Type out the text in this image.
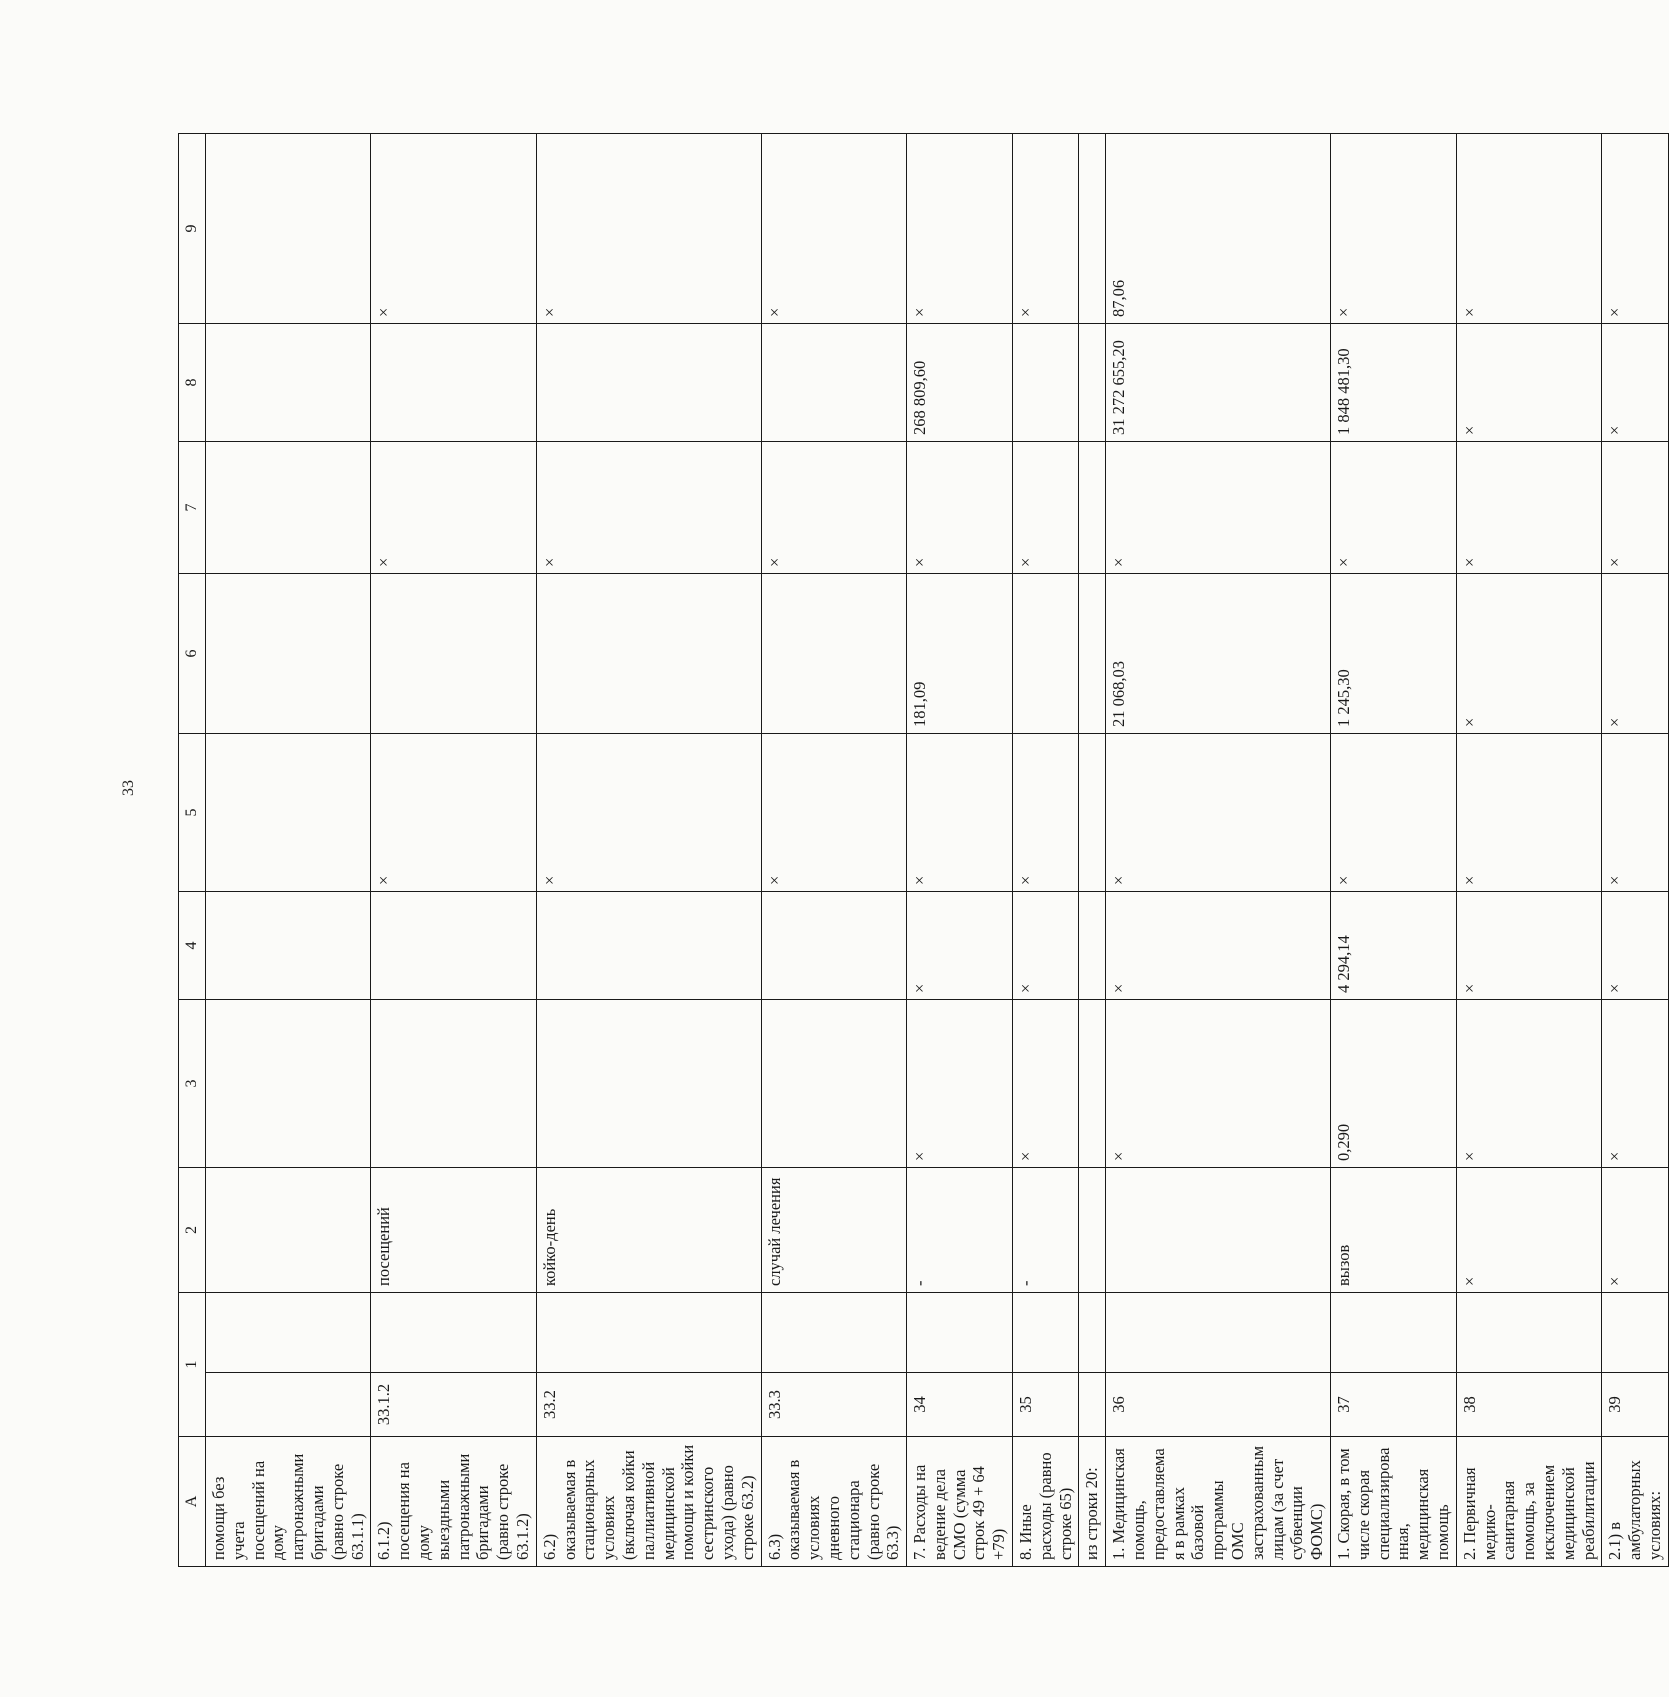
33
A	1		2	3	4	5	6	7	8	9
помощи без учета посещений на дому патронажными бригадами (равно строке 63.1.1)										
6.1.2) посещения на дому выездными патронажными бригадами (равно строке 63.1.2)	33.1.2		посещений			×		×		×
6.2) оказываемая в стационарных условиях (включая койки паллиативной медицинской помощи и койки сестринского ухода) (равно строке 63.2)	33.2		койко-день			×		×		×
6.3) оказываемая в условиях дневного стационара (равно строке 63.3)	33.3		случай лечения			×		×		×
7. Расходы на ведение дела СМО (сумма строк 49 + 64 +79)	34		-	×	×	×	181,09	×	268 809,60	×
8. Иные расходы (равно строке 65)	35		-	×	×	×		×		×
из строки 20:										
1. Медицинская помощь, предоставляемая в рамках базовой программы ОМС застрахованным лицам (за счет субвенции ФОМС)	36			×	×	×	21 068,03	×	31 272 655,20	87,06
1. Скорая, в том числе скорая специализированная, медицинская помощь	37		вызов	0,290	4 294,14	×	1 245,30	×	1 848 481,30	×
2. Первичная медико-санитарная помощь, за исключением медицинской реабилитации	38		×	×	×	×	×	×	×	×
2.1) в амбулаторных условиях:	39		×	×	×	×	×	×	×	×
